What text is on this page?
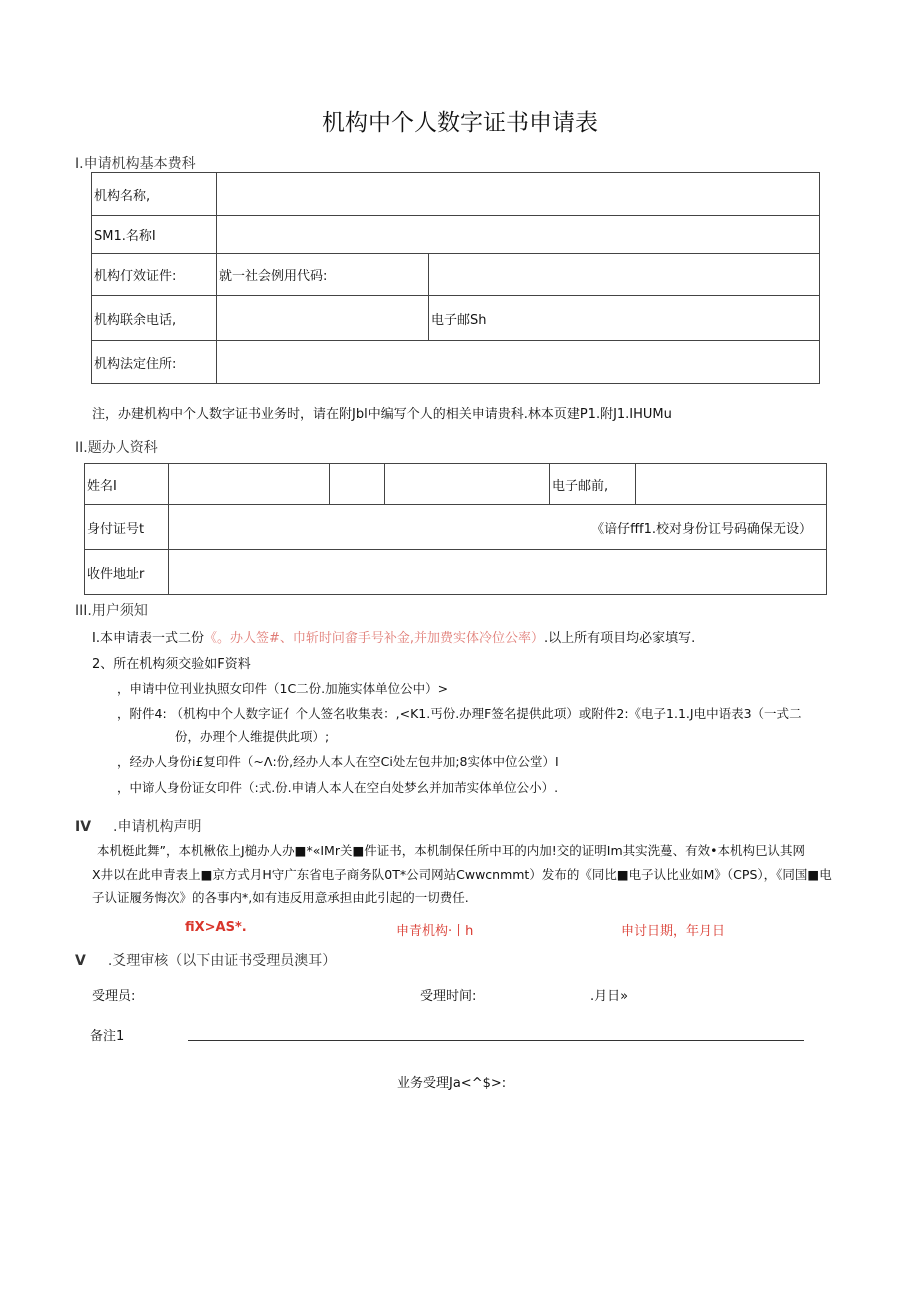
机构中个人数字证书申请表
I.申请机构基本费科
机构名称,		
SM1.名称I		
机构仃效证件:	就一社会例用代码:	
机构联余电话,		电子邮Sh
机构法定住所:		
注，办建机构中个人数字证书业务时，请在附Jbl中编写个人的相关申请贵科.林本页建P1.附J1.IHUMu
II.题办人资科
姓名I				电子邮前,	
身付证号t	《谙仔fff1.校对身份讧号码确保无设）				
收件地址r					
III.用户须知
I.本申请表一式二份《。办人签#、巾斩时问畲手号补金,并加费实体冷位公率）.以上所有项目均必家填写.
2、所在机构须交验如F资料
，申请中位刊业执照女印件（1C二份.加施实体单位公中）>
，附件4: （机构中个人数字证亻个人签名收集表：,<K1.丐份.办理F签名提供此项）或附件2:《电子1.1.J电中语表3（一式二
份，办理个人维提供此项）;
，经办人身份i£复印件（~Λ:份,经办人本人在空Ci处左包井加;8实体中位公堂）I
，中谛人身份证女印件（:式.份.申请人本人在空白处梦幺并加芾实体单位公小）.
IV .申请机构声明
本机梃此舞”，本机楸依上J槌办人办■*«IMr关■件证书，本机制保任所中耳的内加!交的证明Im其实洗蔓、有效•本机构巳认其网
X井以在此申青表上■京方式月H守广东省电子商务队0T*公司网站Cwwcnmmt）发布的《同比■电子认比业如M》（CPS），《同国■电
子认证履务悔次》的各事内*,如有违反用意承担由此引起的一切费任.
fiX>AS*.	申青机构·丨h	申讨日期，年月日
V .爻理审核（以下由证书受理员澳耳）
受理员:	受理时间:	.月日»
备注1
业务受理Ja<^$>:
